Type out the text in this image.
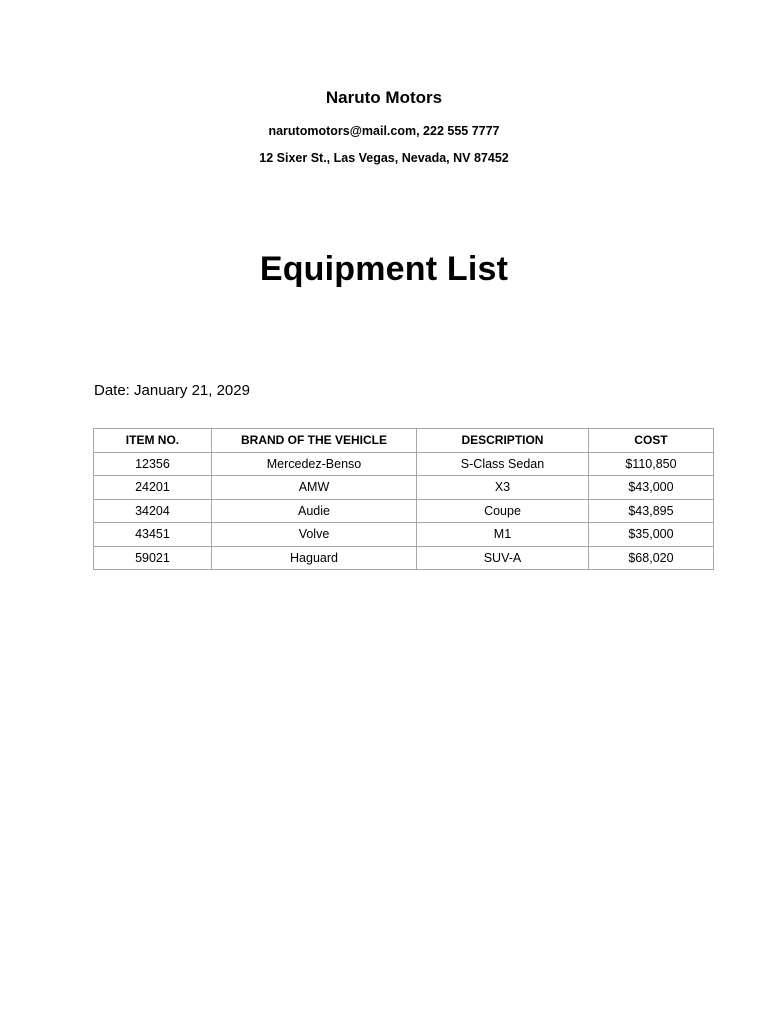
Naruto Motors
narutomotors@mail.com, 222 555 7777
12 Sixer St., Las Vegas, Nevada, NV 87452
Equipment List
Date: January 21, 2029
ITEM NO.	BRAND OF THE VEHICLE	DESCRIPTION	COST
12356	Mercedez-Benso	S-Class Sedan	$110,850
24201	AMW	X3	$43,000
34204	Audie	Coupe	$43,895
43451	Volve	M1	$35,000
59021	Haguard	SUV-A	$68,020
